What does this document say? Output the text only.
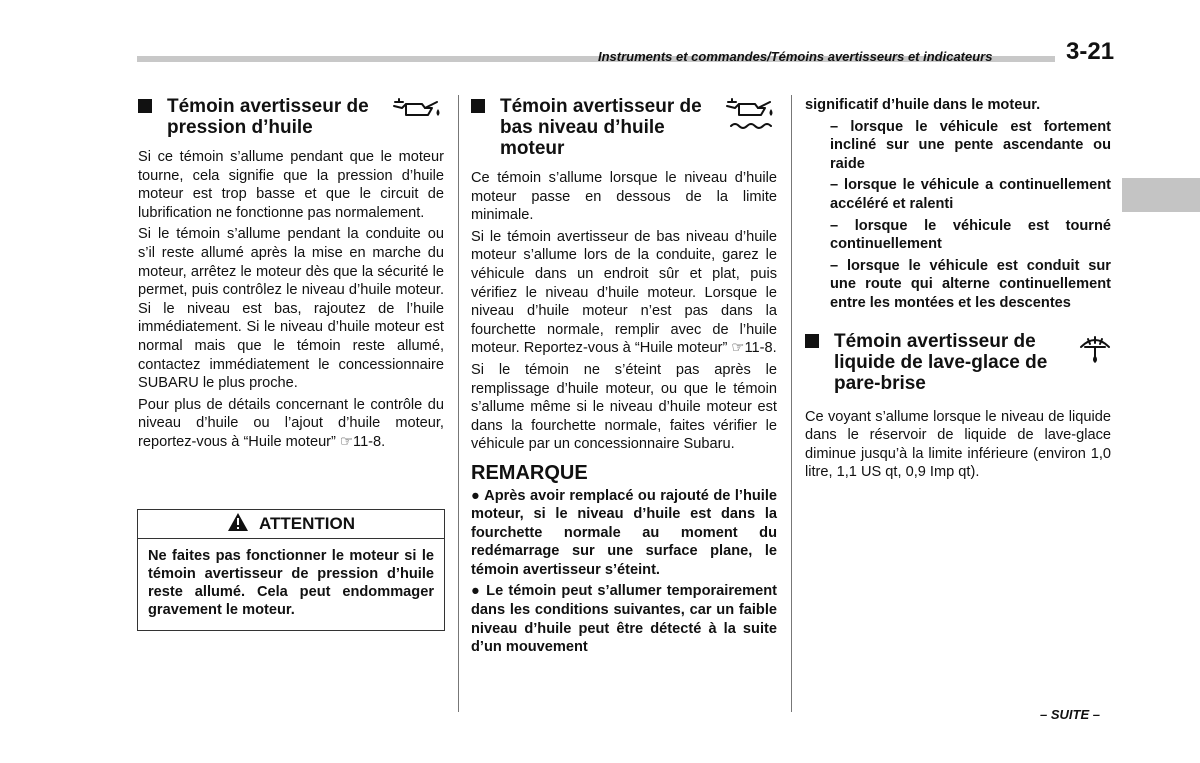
Instruments et commandes/Témoins avertisseurs et indicateurs	3-21
Témoin avertisseur de pression d’huile

Si ce témoin s’allume pendant que le moteur tourne, cela signifie que la pression d’huile moteur est trop basse et que le circuit de lubrification ne fonctionne pas normalement.

Si le témoin s’allume pendant la conduite ou s’il reste allumé après la mise en marche du moteur, arrêtez le moteur dès que la sécurité le permet, puis contrôlez le niveau d’huile moteur. Si le niveau est bas, rajoutez de l’huile immédiatement. Si le niveau d’huile moteur est normal mais que le témoin reste allumé, contactez immédiatement le concessionnaire SUBARU le plus proche.

Pour plus de détails concernant le contrôle du niveau d’huile ou l’ajout d’huile moteur, reportez-vous à “Huile moteur” ☞11-8.

ATTENTION
Ne faites pas fonctionner le moteur si le témoin avertisseur de pression d’huile reste allumé. Cela peut endommager gravement le moteur.
Témoin avertisseur de bas niveau d’huile moteur

Ce témoin s’allume lorsque le niveau d’huile moteur passe en dessous de la limite minimale.

Si le témoin avertisseur de bas niveau d’huile moteur s’allume lors de la conduite, garez le véhicule dans un endroit sûr et plat, puis vérifiez le niveau d’huile moteur. Lorsque le niveau d’huile moteur n’est pas dans la fourchette normale, remplir avec de l’huile moteur. Reportez-vous à “Huile moteur” ☞11-8.

Si le témoin ne s’éteint pas après le remplissage d’huile moteur, ou que le témoin s’allume même si le niveau d’huile moteur est dans la fourchette normale, faites vérifier le véhicule par un concessionnaire Subaru.

REMARQUE

● Après avoir remplacé ou rajouté de l’huile moteur, si le niveau d’huile est dans la fourchette normale au moment du redémarrage sur une surface plane, le témoin avertisseur s’éteint.

● Le témoin peut s’allumer temporairement dans les conditions suivantes, car un faible niveau d’huile peut être détecté à la suite d’un mouvement

significatif d’huile dans le moteur.

– lorsque le véhicule est fortement incliné sur une pente ascendante ou raide

– lorsque le véhicule a continuellement accéléré et ralenti

– lorsque le véhicule est tourné continuellement

– lorsque le véhicule est conduit sur une route qui alterne continuellement entre les montées et les descentes

Témoin avertisseur de liquide de lave-glace de pare-brise

Ce voyant s’allume lorsque le niveau de liquide dans le réservoir de liquide de lave-glace diminue jusqu’à la limite inférieure (environ 1,0 litre, 1,1 US qt, 0,9 Imp qt).

– SUITE –
